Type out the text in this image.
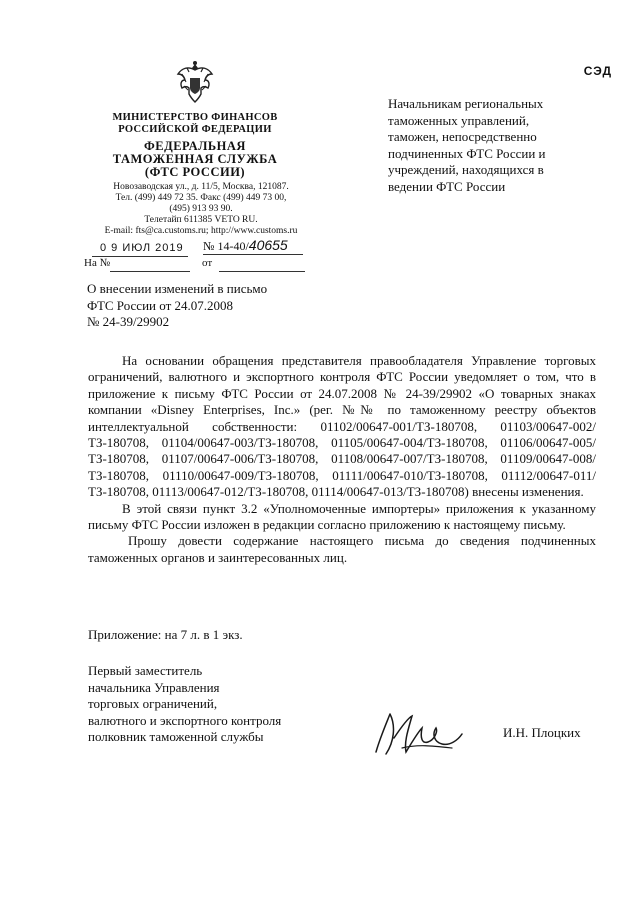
СЭД
МИНИСТЕРСТВО ФИНАНСОВ
РОССИЙСКОЙ ФЕДЕРАЦИИ
ФЕДЕРАЛЬНАЯ
ТАМОЖЕННАЯ СЛУЖБА
(ФТС РОССИИ)
Новозаводская ул., д. 11/5, Москва, 121087.
Тел. (499) 449 72 35. Факс (499) 449 73 00,
(495) 913 93 90.
Телетайп 611385 VETO RU.
E-mail: fts@ca.customs.ru; http://www.customs.ru
0 9 ИЮЛ 2019 № 14-40/40655
На №	от
Начальникам региональных
таможенных управлений,
таможен, непосредственно
подчиненных ФТС России и
учреждений, находящихся в
ведении ФТС России
О внесении изменений в письмо
ФТС России от 24.07.2008
№ 24-39/29902

На основании обращения представителя правообладателя Управление торговых ограничений, валютного и экспортного контроля ФТС России уведомляет о том, что в приложение к письму ФТС России от 24.07.2008 № 24-39/29902 «О товарных знаках компании «Disney Enterprises, Inc.» (рег. №№ по таможенному реестру объектов интеллектуальной собственности: 01102/00647-001/ТЗ-180708, 01103/00647-002/ТЗ-180708, 01104/00647-003/ТЗ-180708, 01105/00647-004/ТЗ-180708, 01106/00647-005/ТЗ-180708, 01107/00647-006/ТЗ-180708, 01108/00647-007/ТЗ-180708, 01109/00647-008/ТЗ-180708, 01110/00647-009/ТЗ-180708, 01111/00647-010/ТЗ-180708, 01112/00647-011/ТЗ-180708, 01113/00647-012/ТЗ-180708, 01114/00647-013/ТЗ-180708) внесены изменения.

В этой связи пункт 3.2 «Уполномоченные импортеры» приложения к указанному письму ФТС России изложен в редакции согласно приложению к настоящему письму.

Прошу довести содержание настоящего письма до сведения подчиненных таможенных органов и заинтересованных лиц.

Приложение: на 7 л. в 1 экз.
Первый заместитель
начальника Управления
торговых ограничений,
валютного и экспортного контроля
полковник таможенной службы	И.Н. Плоцких
